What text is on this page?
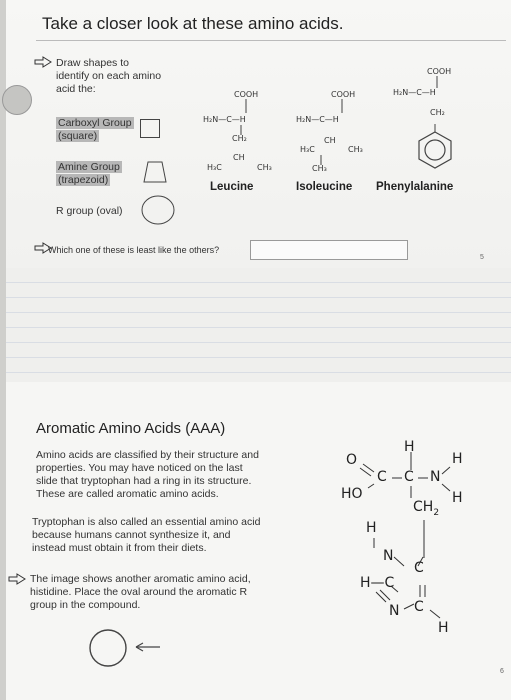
Take a closer look at these amino acids.
Draw shapes to
identify on each amino
acid the:
Carboxyl Group
(square)
Amine Group
(trapezoid)
R group (oval)
COOH
H₂N—C—H
CH₂
CH
H₃C	CH₃
Leucine
COOH
H₂N—C—H
CH
H₃C	CH₃
CH₃
Isoleucine
COOH
H₂N—C—H
CH₂
Phenylalanine
Which one of these is least like the others?
5
Aromatic Amino Acids (AAA)
Amino acids are classified by their structure and
properties. You may have noticed on the last
slide that tryptophan had a ring in its structure.
These are called aromatic amino acids.
Tryptophan is also called an essential amino acid
because humans cannot synthesize it, and
instead must obtain it from their diets.
The image shows another aromatic amino acid,
histidine. Place the oval around the aromatic R
group in the compound.
O
HO
C
H
C N
H
H
$CH_2$
H
N
C
H—C
N C
H
6
